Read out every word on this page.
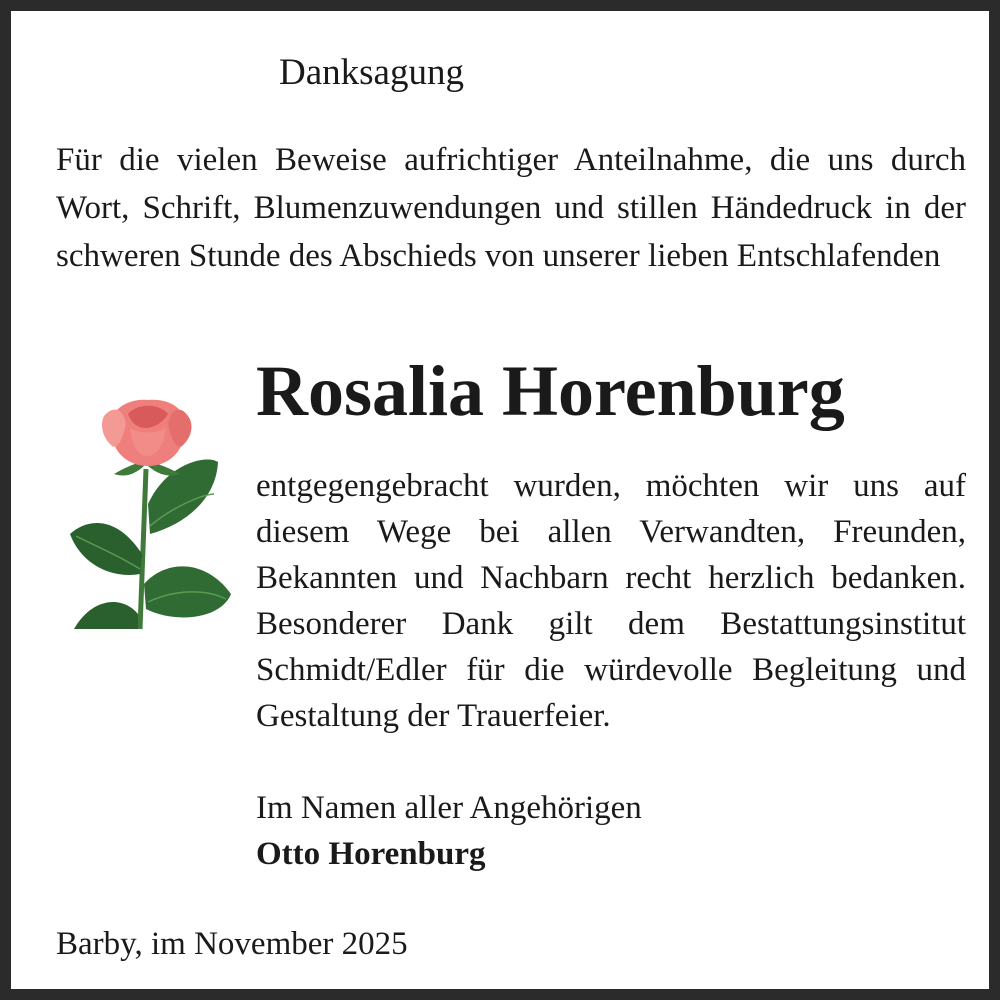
Danksagung
Für die vielen Beweise aufrichtiger Anteilnahme, die uns durch Wort, Schrift, Blumenzuwendungen und stillen Händedruck in der schweren Stunde des Abschieds von unserer lieben Entschlafenden
Rosalia Horenburg
entgegengebracht wurden, möchten wir uns auf diesem Wege bei allen Verwandten, Freunden, Bekannten und Nachbarn recht herzlich bedanken. Besonderer Dank gilt dem Bestattungsinstitut Schmidt/Edler für die würdevolle Begleitung und Gestaltung der Trauerfeier.
Im Namen aller Angehörigen
Otto Horenburg
Barby, im November 2025
